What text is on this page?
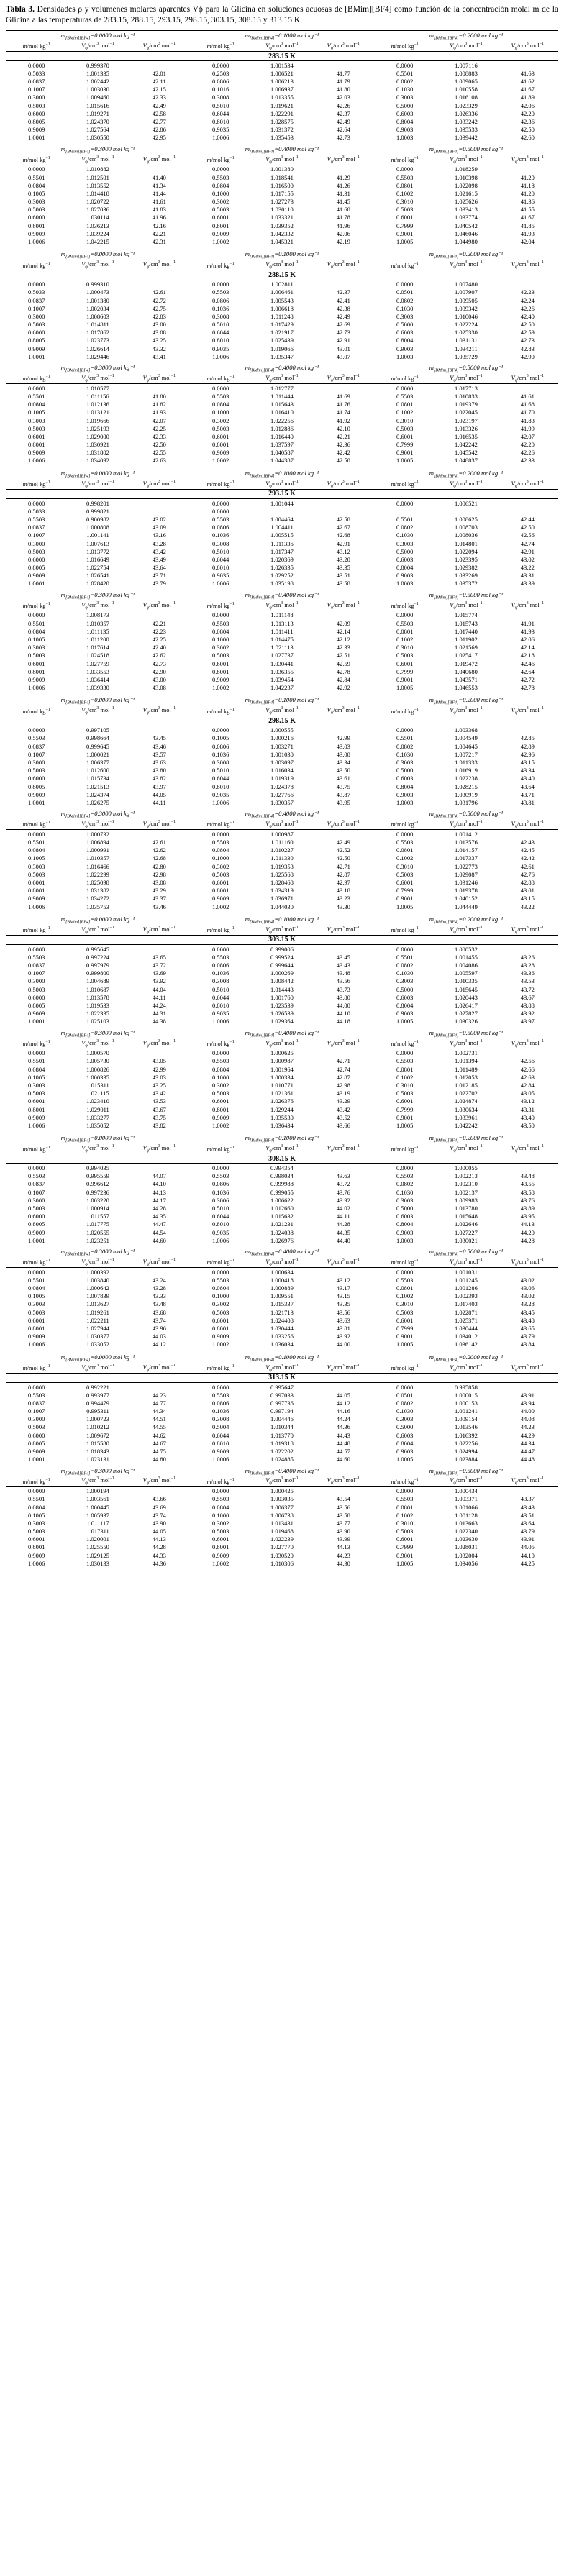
Tabla 3. Densidades ρ y volúmenes molares aparentes Vϕ para la Glicina en soluciones acuosas de [BMim][BF4] como función de la concentración molal m de la Glicina a las temperaturas de 283.15, 288.15, 293.15, 298.15, 303.15, 308.15 y 313.15 K.

$m_{[BMim][BF4]}=0.0000$ mol kg⁻¹			$m_{[BMim][BF4]}=0.1000$ mol kg⁻¹			$m_{[BMim][BF4]}=0.2000$ mol kg⁻¹		
m/mol $kg^{-1}$	$V_\varphi/cm^3$ mol$^{-1}$	$V_\varphi/cm^3$ mol$^{-1}$	m/mol $kg^{-1}$	$V_\varphi/cm^3$ mol$^{-1}$	$V_\varphi/cm^3$ mol$^{-1}$	m/mol $kg^{-1}$	$V_\varphi/cm^3$ mol$^{-1}$	$V_\varphi/cm^3$ mol$^{-1}$
283.15 K								
0.0000	0.999370		0.0000	1.001534		0.0000	1.007116	
0.5033	1.001335	42.01	0.2503	1.006521	41.77	0.5501	1.008883	41.63
0.0837	1.002442	42.11	0.0806	1.006213	41.79	0.0802	1.009065	41.62
0.1007	1.003030	42.15	0.1016	1.006937	41.80	0.1030	1.010558	41.67
0.3000	1.009460	42.33	0.3008	1.013355	42.03	0.3003	1.016108	41.89
0.5003	1.015616	42.49	0.5010	1.019621	42.26	0.5000	1.023329	42.06
0.6000	1.019271	42.58	0.6044	1.022291	42.37	0.6003	1.026336	42.20
0.8005	1.024370	42.77	0.8010	1.028575	42.49	0.8004	1.033242	42.36
0.9009	1.027564	42.86	0.9035	1.031372	42.64	0.9003	1.035533	42.50
1.0001	1.030550	42.95	1.0006	1.035453	42.73	1.0003	1.039442	42.60

$m_{[BMim][BF4]}=0.3000$ mol kg⁻¹			$m_{[BMim][BF4]}=0.4000$ mol kg⁻¹			$m_{[BMim][BF4]}=0.5000$ mol kg⁻¹		
m/mol $kg^{-1}$	$V_\varphi/cm^3$ mol$^{-1}$	$V_\varphi/cm^3$ mol$^{-1}$	m/mol $kg^{-1}$	$V_\varphi/cm^3$ mol$^{-1}$	$V_\varphi/cm^3$ mol$^{-1}$	m/mol $kg^{-1}$	$V_\varphi/cm^3$ mol$^{-1}$	$V_\varphi/cm^3$ mol$^{-1}$
0.0000	1.010882		0.0000	1.001380		0.0000	1.018259	
0.5501	1.012501	41.40	0.5503	1.018541	41.29	0.5503	1.010398	41.20
0.0804	1.013552	41.34	0.0804	1.016500	41.26	0.0801	1.022098	41.18
0.1005	1.014418	41.44	0.1000	1.017155	41.31	0.1002	1.021615	41.20
0.3003	1.020722	41.61	0.3002	1.027273	41.45	0.3010	1.025626	41.36
0.5003	1.027036	41.83	0.5003	1.030110	41.68	0.5003	1.033413	41.55
0.6000	1.030114	41.96	0.6001	1.033321	41.78	0.6001	1.033774	41.67
0.8001	1.036213	42.16	0.8001	1.039352	41.96	0.7999	1.040542	41.85
0.9009	1.039224	42.21	0.9009	1.042332	42.06	0.9001	1.046046	41.93
1.0006	1.042215	42.31	1.0002	1.045321	42.19	1.0005	1.044980	42.04

$m_{[BMim][BF4]}=0.0000$ mol kg⁻¹			$m_{[BMim][BF4]}=0.1000$ mol kg⁻¹			$m_{[BMim][BF4]}=0.2000$ mol kg⁻¹		
m/mol $kg^{-1}$	$V_\varphi/cm^3$ mol$^{-1}$	$V_\varphi/cm^3$ mol$^{-1}$	m/mol $kg^{-1}$	$V_\varphi/cm^3$ mol$^{-1}$	$V_\varphi/cm^3$ mol$^{-1}$	m/mol $kg^{-1}$	$V_\varphi/cm^3$ mol$^{-1}$	$V_\varphi/cm^3$ mol$^{-1}$
288.15 K								
0.0000	0.999310		0.0000	1.002811		0.0000	1.007480	
0.5033	1.000473	42.61	0.5503	1.006461	42.37	0.0501	1.007907	42.23
0.0837	1.001380	42.72	0.0806	1.005543	42.41	0.0802	1.009505	42.24
0.1007	1.002034	42.75	0.1036	1.006618	42.38	0.1030	1.009342	42.26
0.3000	1.008603	42.83	0.3008	1.011248	42.49	0.3003	1.010046	42.40
0.5003	1.014811	43.00	0.5010	1.017429	42.69	0.5000	1.022224	42.50
0.6000	1.017862	43.08	0.6044	1.021917	42.73	0.6003	1.025330	42.59
0.8005	1.023773	43.25	0.8010	1.025439	42.91	0.8004	1.031131	42.73
0.9009	1.026614	43.32	0.9035	1.019066	43.01	0.9003	1.034211	42.83
1.0001	1.029446	43.41	1.0006	1.035347	43.07	1.0003	1.035729	42.90

$m_{[BMim][BF4]}=0.3000$ mol kg⁻¹			$m_{[BMim][BF4]}=0.4000$ mol kg⁻¹			$m_{[BMim][BF4]}=0.5000$ mol kg⁻¹		
m/mol $kg^{-1}$	$V_\varphi/cm^3$ mol$^{-1}$	$V_\varphi/cm^3$ mol$^{-1}$	m/mol $kg^{-1}$	$V_\varphi/cm^3$ mol$^{-1}$	$V_\varphi/cm^3$ mol$^{-1}$	m/mol $kg^{-1}$	$V_\varphi/cm^3$ mol$^{-1}$	$V_\varphi/cm^3$ mol$^{-1}$
0.0000	1.010577		0.0000	1.012777		0.0000	1.017713	
0.5501	1.011156	41.80	0.5503	1.011444	41.69	0.5503	1.010833	41.61
0.0804	1.012136	41.82	0.0804	1.015643	41.76	0.0801	1.019379	41.68
0.1005	1.013121	41.93	0.1000	1.016410	41.74	0.1002	1.022045	41.70
0.3003	1.019666	42.07	0.3002	1.022256	41.92	0.3010	1.023197	41.83
0.5003	1.025193	42.25	0.5003	1.012886	42.10	0.5003	1.013326	41.99
0.6001	1.029000	42.33	0.6001	1.016440	42.21	0.6001	1.016535	42.07
0.8001	1.030921	42.50	0.8001	1.037597	42.36	0.7999	1.042242	42.20
0.9009	1.031802	42.55	0.9009	1.040587	42.42	0.9001	1.045542	42.26
1.0006	1.034092	42.63	1.0002	1.044387	42.50	1.0005	1.048837	42.33

$m_{[BMim][BF4]}=0.0000$ mol kg⁻¹			$m_{[BMim][BF4]}=0.1000$ mol kg⁻¹			$m_{[BMim][BF4]}=0.2000$ mol kg⁻¹		
m/mol $kg^{-1}$	$V_\varphi/cm^3$ mol$^{-1}$	$V_\varphi/cm^3$ mol$^{-1}$	m/mol $kg^{-1}$	$V_\varphi/cm^3$ mol$^{-1}$	$V_\varphi/cm^3$ mol$^{-1}$	m/mol $kg^{-1}$	$V_\varphi/cm^3$ mol$^{-1}$	$V_\varphi/cm^3$ mol$^{-1}$
293.15 K								
0.0000	0.998201		0.0000	1.001044		0.0000	1.006521	
0.5033	0.999821		0.0000					
0.5503	0.900982	43.02	0.5503	1.004464	42.58	0.5501	1.008625	42.44
0.0837	1.000808	43.09	0.0806	1.004411	42.67	0.0802	1.008703	42.50
0.1007	1.001141	43.16	0.1036	1.005515	42.68	0.1030	1.008036	42.56
0.3000	1.007613	43.28	0.3008	1.011336	42.91	0.3003	1.014801	42.74
0.5003	1.013772	43.42	0.5010	1.017347	43.12	0.5000	1.022094	42.91
0.6000	1.016649	43.49	0.6044	1.020369	43.20	0.6003	1.023395	43.02
0.8005	1.022754	43.64	0.8010	1.026335	43.35	0.8004	1.029382	43.22
0.9009	1.026541	43.71	0.9035	1.029252	43.51	0.9003	1.033269	43.31
1.0001	1.028420	43.79	1.0006	1.035198	43.58	1.0003	1.035372	43.39

$m_{[BMim][BF4]}=0.3000$ mol kg⁻¹			$m_{[BMim][BF4]}=0.4000$ mol kg⁻¹			$m_{[BMim][BF4]}=0.5000$ mol kg⁻¹		
m/mol $kg^{-1}$	$V_\varphi/cm^3$ mol$^{-1}$	$V_\varphi/cm^3$ mol$^{-1}$	m/mol $kg^{-1}$	$V_\varphi/cm^3$ mol$^{-1}$	$V_\varphi/cm^3$ mol$^{-1}$	m/mol $kg^{-1}$	$V_\varphi/cm^3$ mol$^{-1}$	$V_\varphi/cm^3$ mol$^{-1}$
0.0000	1.008173		0.0000	1.011148		0.0000	1.015774	
0.5501	1.010357	42.21	0.5503	1.013113	42.09	0.5503	1.015743	41.91
0.0804	1.011135	42.23	0.0804	1.011411	42.14	0.0801	1.017440	41.93
0.1005	1.011200	42.25	0.1000	1.014475	42.12	0.1002	1.011902	42.06
0.3003	1.017614	42.40	0.3002	1.021113	42.33	0.3010	1.021569	42.14
0.5003	1.024518	42.62	0.5003	1.027737	42.51	0.5003	1.025417	42.18
0.6001	1.027759	42.73	0.6001	1.030441	42.59	0.6001	1.019472	42.46
0.8001	1.033553	42.90	0.8001	1.036355	42.78	0.7999	1.040680	42.64
0.9009	1.036414	43.00	0.9009	1.039454	42.84	0.9001	1.043571	42.72
1.0006	1.039330	43.08	1.0002	1.042237	42.92	1.0005	1.046553	42.78

$m_{[BMim][BF4]}=0.0000$ mol kg⁻¹			$m_{[BMim][BF4]}=0.1000$ mol kg⁻¹			$m_{[BMim][BF4]}=0.2000$ mol kg⁻¹		
m/mol $kg^{-1}$	$V_\varphi/cm^3$ mol$^{-1}$	$V_\varphi/cm^3$ mol$^{-1}$	m/mol $kg^{-1}$	$V_\varphi/cm^3$ mol$^{-1}$	$V_\varphi/cm^3$ mol$^{-1}$	m/mol $kg^{-1}$	$V_\varphi/cm^3$ mol$^{-1}$	$V_\varphi/cm^3$ mol$^{-1}$
298.15 K								
0.0000	0.997105		0.0000	1.000555		0.0000	1.003368	
0.5503	0.998664	43.45	0.1005	1.000216	42.99	0.5501	1.004549	42.85
0.0837	0.999645	43.46	0.0806	1.003271	43.03	0.0802	1.004645	42.89
0.1007	1.000021	43.57	0.1036	1.001030	43.08	0.1030	1.007217	42.96
0.3000	1.006377	43.63	0.3008	1.003097	43.34	0.3003	1.011333	43.15
0.5003	1.012600	43.80	0.5010	1.016034	43.50	0.5000	1.016919	43.34
0.6000	1.015734	43.82	0.6044	1.019319	43.61	0.6003	1.022238	43.40
0.8005	1.021513	43.97	0.8010	1.024378	43.75	0.8004	1.028215	43.64
0.9009	1.024374	44.05	0.9035	1.027766	43.87	0.9003	1.030919	43.71
1.0001	1.026275	44.11	1.0006	1.030357	43.95	1.0003	1.031796	43.81

$m_{[BMim][BF4]}=0.3000$ mol kg⁻¹			$m_{[BMim][BF4]}=0.4000$ mol kg⁻¹			$m_{[BMim][BF4]}=0.5000$ mol kg⁻¹		
m/mol $kg^{-1}$	$V_\varphi/cm^3$ mol$^{-1}$	$V_\varphi/cm^3$ mol$^{-1}$	m/mol $kg^{-1}$	$V_\varphi/cm^3$ mol$^{-1}$	$V_\varphi/cm^3$ mol$^{-1}$	m/mol $kg^{-1}$	$V_\varphi/cm^3$ mol$^{-1}$	$V_\varphi/cm^3$ mol$^{-1}$
0.0000	1.000732		0.0000	1.000987		0.0000	1.001412	
0.5501	1.006894	42.61	0.5503	1.011160	42.49	0.5503	1.013576	42.43
0.0804	1.000991	42.62	0.0804	1.010227	42.52	0.0801	1.014157	42.45
0.1005	1.010357	42.68	0.1000	1.011330	42.50	0.1002	1.017337	42.42
0.3003	1.016466	42.80	0.3002	1.019353	42.71	0.3010	1.022773	42.61
0.5003	1.022299	42.98	0.5003	1.025568	42.87	0.5003	1.029087	42.76
0.6001	1.025098	43.08	0.6001	1.028468	42.97	0.6001	1.031246	42.88
0.8001	1.031382	43.29	0.8001	1.034319	43.18	0.7999	1.019378	43.01
0.9009	1.034272	43.37	0.9009	1.036971	43.23	0.9001	1.040152	43.15
1.0006	1.035753	43.46	1.0002	1.044030	43.30	1.0005	1.044449	43.22

$m_{[BMim][BF4]}=0.0000$ mol kg⁻¹			$m_{[BMim][BF4]}=0.1000$ mol kg⁻¹			$m_{[BMim][BF4]}=0.2000$ mol kg⁻¹		
m/mol $kg^{-1}$	$V_\varphi/cm^3$ mol$^{-1}$	$V_\varphi/cm^3$ mol$^{-1}$	m/mol $kg^{-1}$	$V_\varphi/cm^3$ mol$^{-1}$	$V_\varphi/cm^3$ mol$^{-1}$	m/mol $kg^{-1}$	$V_\varphi/cm^3$ mol$^{-1}$	$V_\varphi/cm^3$ mol$^{-1}$
303.15 K								
0.0000	0.995645		0.0000	0.999006		0.0000	1.000532	
0.5503	0.997224	43.65	0.5503	0.999524	43.45	0.5501	1.001455	43.26
0.0837	0.997979	43.72	0.0806	0.999644	43.43	0.0802	1.004086	43.28
0.1007	0.999800	43.69	0.1036	1.000269	43.48	0.1030	1.005597	43.36
0.3000	1.004689	43.92	0.3008	1.008442	43.56	0.3003	1.010335	43.53
0.5003	1.010687	44.04	0.5010	1.014443	43.73	0.5000	1.015645	43.72
0.6000	1.013578	44.11	0.6044	1.001760	43.80	0.6003	1.020443	43.67
0.8005	1.019533	44.24	0.8010	1.023539	44.00	0.8004	1.026417	43.88
0.9009	1.022335	44.31	0.9035	1.026539	44.10	0.9003	1.027827	43.92
1.0001	1.025103	44.38	1.0006	1.029364	44.18	1.0005	1.030326	43.97

$m_{[BMim][BF4]}=0.3000$ mol kg⁻¹			$m_{[BMim][BF4]}=0.4000$ mol kg⁻¹			$m_{[BMim][BF4]}=0.5000$ mol kg⁻¹		
m/mol $kg^{-1}$	$V_\varphi/cm^3$ mol$^{-1}$	$V_\varphi/cm^3$ mol$^{-1}$	m/mol $kg^{-1}$	$V_\varphi/cm^3$ mol$^{-1}$	$V_\varphi/cm^3$ mol$^{-1}$	m/mol $kg^{-1}$	$V_\varphi/cm^3$ mol$^{-1}$	$V_\varphi/cm^3$ mol$^{-1}$
0.0000	1.000570		0.0000	1.000625		0.0000	1.002731	
0.5501	1.005730	43.05	0.5503	1.000987	42.71	0.5503	1.001394	42.56
0.0804	1.000826	42.99	0.0804	1.001964	42.74	0.0801	1.011489	42.66
0.1005	1.000335	43.03	0.1000	1.000334	42.87	0.1002	1.012053	42.63
0.3003	1.015311	43.25	0.3002	1.010771	42.98	0.3010	1.012185	42.84
0.5003	1.021115	43.42	0.5003	1.021361	43.19	0.5003	1.022702	43.05
0.6001	1.023410	43.53	0.6001	1.026376	43.29	0.6001	1.024874	43.12
0.8001	1.029011	43.67	0.8001	1.029244	43.42	0.7999	1.030634	43.31
0.9009	1.033277	43.75	0.9009	1.035530	43.52	0.9001	1.033961	43.40
1.0006	1.035052	43.82	1.0002	1.036434	43.66	1.0005	1.042242	43.50

$m_{[BMim][BF4]}=0.0000$ mol kg⁻¹			$m_{[BMim][BF4]}=0.1000$ mol kg⁻¹			$m_{[BMim][BF4]}=0.2000$ mol kg⁻¹		
m/mol $kg^{-1}$	$V_\varphi/cm^3$ mol$^{-1}$	$V_\varphi/cm^3$ mol$^{-1}$	m/mol $kg^{-1}$	$V_\varphi/cm^3$ mol$^{-1}$	$V_\varphi/cm^3$ mol$^{-1}$	m/mol $kg^{-1}$	$V_\varphi/cm^3$ mol$^{-1}$	$V_\varphi/cm^3$ mol$^{-1}$
308.15 K								
0.0000	0.994035		0.0000	0.994354		0.0000	1.000055	
0.5503	0.995559	44.07	0.5503	0.998034	43.63	0.5503	1.002213	43.48
0.0837	0.996612	44.10	0.0806	0.999988	43.72	0.0802	1.002310	43.55
0.1007	0.997236	44.13	0.1036	0.999055	43.76	0.1030	1.002137	43.58
0.3000	1.003220	44.17	0.3006	1.006622	43.92	0.3003	1.009983	43.76
0.5003	1.000914	44.28	0.5010	1.012660	44.02	0.5000	1.013780	43.89
0.6000	1.011557	44.35	0.6044	1.015632	44.11	0.6003	1.015648	43.95
0.8005	1.017775	44.47	0.8010	1.021231	44.28	0.8004	1.022646	44.13
0.9009	1.020555	44.54	0.9035	1.024038	44.35	0.9003	1.027227	44.20
1.0001	1.023251	44.60	1.0006	1.026976	44.40	1.0003	1.030021	44.28

$m_{[BMim][BF4]}=0.3000$ mol kg⁻¹			$m_{[BMim][BF4]}=0.4000$ mol kg⁻¹			$m_{[BMim][BF4]}=0.5000$ mol kg⁻¹		
m/mol $kg^{-1}$	$V_\varphi/cm^3$ mol$^{-1}$	$V_\varphi/cm^3$ mol$^{-1}$	m/mol $kg^{-1}$	$V_\varphi/cm^3$ mol$^{-1}$	$V_\varphi/cm^3$ mol$^{-1}$	m/mol $kg^{-1}$	$V_\varphi/cm^3$ mol$^{-1}$	$V_\varphi/cm^3$ mol$^{-1}$
0.0000	1.000392		0.0000	1.000634		0.0000	1.001031	
0.5501	1.003840	43.24	0.5503	1.000418	43.12	0.5503	1.001245	43.02
0.0804	1.000642	43.28	0.0804	1.000889	43.17	0.0801	1.001286	43.06
0.1005	1.007839	43.33	0.1000	1.009551	43.15	0.1002	1.002393	43.02
0.3003	1.013627	43.48	0.3002	1.015337	43.35	0.3010	1.017403	43.28
0.5003	1.019261	43.68	0.5003	1.021713	43.56	0.5003	1.022871	43.45
0.6001	1.022211	43.74	0.6001	1.024408	43.63	0.6001	1.025371	43.48
0.8001	1.027944	43.96	0.8001	1.030444	43.81	0.7999	1.030444	43.65
0.9009	1.030377	44.03	0.9009	1.033256	43.92	0.9001	1.034012	43.79
1.0006	1.033052	44.12	1.0002	1.036034	44.00	1.0005	1.036142	43.84

$m_{[BMim][BF4]}=0.0000$ mol kg⁻¹			$m_{[BMim][BF4]}=0.1000$ mol kg⁻¹			$m_{[BMim][BF4]}=0.2000$ mol kg⁻¹		
m/mol $kg^{-1}$	$V_\varphi/cm^3$ mol$^{-1}$	$V_\varphi/cm^3$ mol$^{-1}$	m/mol $kg^{-1}$	$V_\varphi/cm^3$ mol$^{-1}$	$V_\varphi/cm^3$ mol$^{-1}$	m/mol $kg^{-1}$	$V_\varphi/cm^3$ mol$^{-1}$	$V_\varphi/cm^3$ mol$^{-1}$
313.15 K								
0.0000	0.992221		0.0000	0.995647		0.0000	0.995858	
0.5503	0.993977	44.23	0.5503	0.997033	44.05	0.0501	1.000015	43.91
0.0837	0.994479	44.77	0.0806	0.997736	44.12	0.0802	1.000153	43.94
0.1007	0.995311	44.34	0.1036	0.997194	44.16	0.1030	1.001241	44.00
0.3000	1.000723	44.51	0.3008	1.004446	44.24	0.3003	1.009154	44.08
0.5003	1.010212	44.55	0.5004	1.010344	44.36	0.5000	1.013546	44.23
0.6000	1.009672	44.62	0.6044	1.013770	44.43	0.6003	1.016392	44.29
0.8005	1.015580	44.67	0.8010	1.019318	44.48	0.8004	1.022256	44.34
0.9009	1.018343	44.75	0.9009	1.022202	44.57	0.9003	1.024994	44.47
1.0001	1.023131	44.80	1.0006	1.024885	44.60	1.0005	1.023884	44.48

$m_{[BMim][BF4]}=0.3000$ mol kg⁻¹			$m_{[BMim][BF4]}=0.4000$ mol kg⁻¹			$m_{[BMim][BF4]}=0.5000$ mol kg⁻¹		
m/mol $kg^{-1}$	$V_\varphi/cm^3$ mol$^{-1}$	$V_\varphi/cm^3$ mol$^{-1}$	m/mol $kg^{-1}$	$V_\varphi/cm^3$ mol$^{-1}$	$V_\varphi/cm^3$ mol$^{-1}$	m/mol $kg^{-1}$	$V_\varphi/cm^3$ mol$^{-1}$	$V_\varphi/cm^3$ mol$^{-1}$
0.0000	1.000194		0.0000	1.000425		0.0000	1.000434	
0.5501	1.003561	43.66	0.5503	1.003035	43.54	0.5503	1.003371	43.37
0.0804	1.000445	43.69	0.0804	1.006377	43.56	0.0801	1.001066	43.43
0.1005	1.005937	43.74	0.1000	1.006738	43.58	0.1002	1.001128	43.51
0.3003	1.011117	43.90	0.3002	1.013431	43.77	0.3010	1.013663	43.64
0.5003	1.017311	44.05	0.5003	1.019468	43.90	0.5003	1.022340	43.79
0.6001	1.020001	44.13	0.6001	1.022239	43.99	0.6001	1.023630	43.91
0.8001	1.025550	44.28	0.8001	1.027770	44.13	0.7999	1.028031	44.05
0.9009	1.029125	44.33	0.9009	1.030520	44.23	0.9001	1.032004	44.10
1.0006	1.030133	44.36	1.0002	1.010306	44.30	1.0005	1.034056	44.25
